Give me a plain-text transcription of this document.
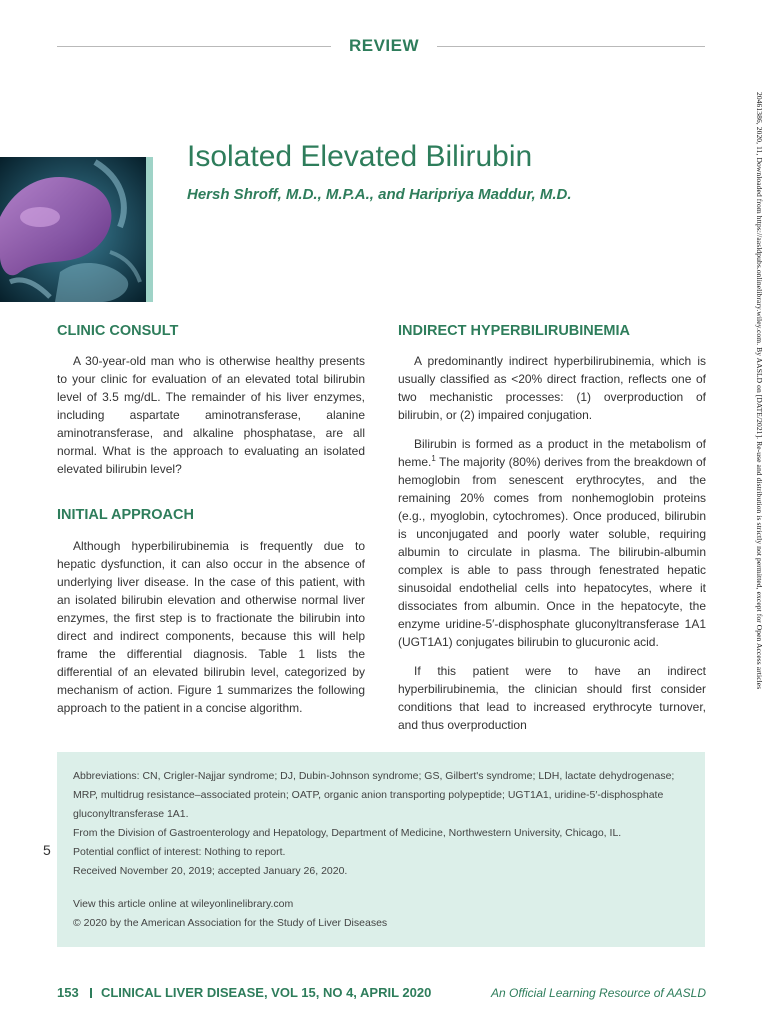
REVIEW
20461386, 2020, 11, Downloaded from https://aasldpubs.onlinelibrary.wiley.com. By AASLD on [DATE/2021]. Re-use and distribution is strictly not permitted, except for Open Access articles
Isolated Elevated Bilirubin
Hersh Shroff, M.D., M.P.A., and Haripriya Maddur, M.D.
CLINIC CONSULT

A 30-year-old man who is otherwise healthy presents to your clinic for evaluation of an elevated total bilirubin level of 3.5 mg/dL. The remainder of his liver enzymes, including aspartate aminotransferase, alanine aminotransferase, and alkaline phosphatase, are all normal. What is the approach to evaluating an isolated elevated bilirubin level?

INITIAL APPROACH

Although hyperbilirubinemia is frequently due to hepatic dysfunction, it can also occur in the absence of underlying liver disease. In the case of this patient, with an isolated bilirubin elevation and otherwise normal liver enzymes, the first step is to fractionate the bilirubin into direct and indirect components, because this will help frame the differential diagnosis. Table 1 lists the differential of an elevated bilirubin level, categorized by mechanism of action. Figure 1 summarizes the following approach to the patient in a concise algorithm.

INDIRECT HYPERBILIRUBINEMIA

A predominantly indirect hyperbilirubinemia, which is usually classified as <20% direct fraction, reflects one of two mechanistic processes: (1) overproduction of bilirubin, or (2) impaired conjugation.

Bilirubin is formed as a product in the metabolism of heme.$^1$ The majority (80%) derives from the breakdown of hemoglobin from senescent erythrocytes, and the remaining 20% comes from nonhemoglobin proteins (e.g., myoglobin, cytochromes). Once produced, bilirubin is unconjugated and poorly water soluble, requiring albumin to circulate in plasma. The bilirubin-albumin complex is able to pass through fenestrated hepatic sinusoidal endothelial cells into hepatocytes, where it dissociates from albumin. Once in the hepatocyte, the enzyme uridine-5′-disphosphate gluconyltransferase 1A1 (UGT1A1) conjugates bilirubin to glucuronic acid.

If this patient were to have an indirect hyperbilirubinemia, the clinician should first consider conditions that lead to increased erythrocyte turnover, and thus overproduction

Abbreviations: CN, Crigler-Najjar syndrome; DJ, Dubin-Johnson syndrome; GS, Gilbert's syndrome; LDH, lactate dehydrogenase;
MRP, multidrug resistance–associated protein; OATP, organic anion transporting polypeptide; UGT1A1, uridine-5′-disphosphate
gluconyltransferase 1A1.
From the Division of Gastroenterology and Hepatology, Department of Medicine, Northwestern University, Chicago, IL.
Potential conflict of interest: Nothing to report.
Received November 20, 2019; accepted January 26, 2020.
View this article online at wileyonlinelibrary.com
© 2020 by the American Association for the Study of Liver Diseases
5
153 CLINICAL LIVER DISEASE, VOL 15, NO 4, APRIL 2020	An Official Learning Resource of AASLD
